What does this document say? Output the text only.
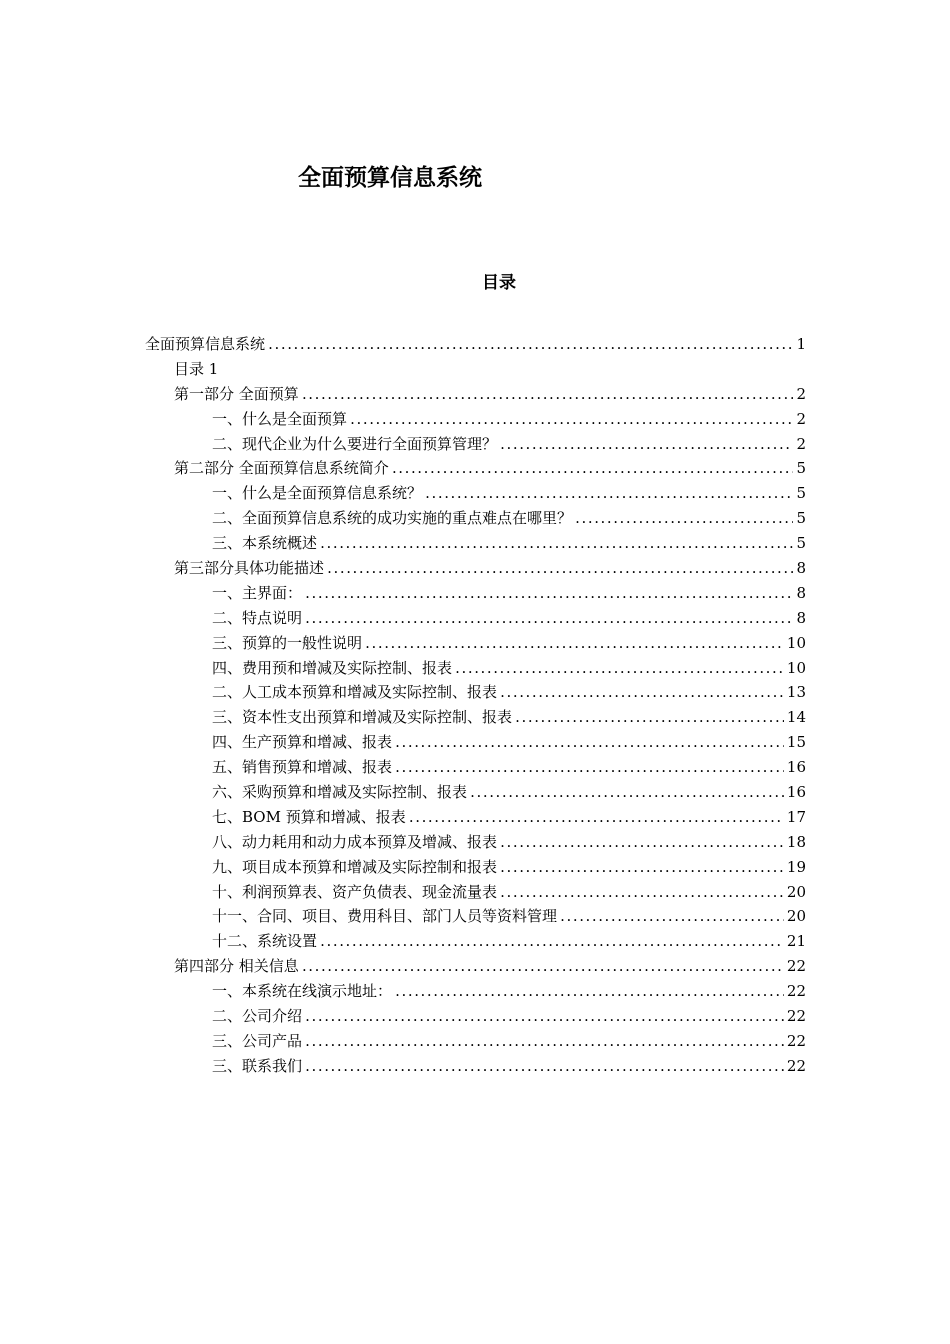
全面预算信息系统
目录
全面预算信息系统 . . .	1
目录 1
第一部分 全面预算 . . .	2
一、什么是全面预算 . . .	2
二、现代企业为什么要进行全面预算管理？ . . .	2
第二部分 全面预算信息系统简介 . . .	5
一、什么是全面预算信息系统？ . . .	5
二、全面预算信息系统的成功实施的重点难点在哪里？ . . .	5
三、本系统概述 . . .	5
第三部分具体功能描述 . . .	8
一、主界面： . . .	8
二、特点说明 . . .	8
三、预算的一般性说明 . . .	10
四、费用预和增减及实际控制、报表 . . .	10
二、人工成本预算和增减及实际控制、报表 . . .	13
三、资本性支出预算和增减及实际控制、报表 . . .	14
四、生产预算和增减、报表 . . .	15
五、销售预算和增减、报表 . . .	16
六、采购预算和增减及实际控制、报表 . . .	16
七、BOM 预算和增减、报表 . . .	17
八、动力耗用和动力成本预算及增减、报表 . . .	18
九、项目成本预算和增减及实际控制和报表 . . .	19
十、利润预算表、资产负债表、现金流量表 . . .	20
十一、合同、项目、费用科目、部门人员等资料管理 . . .	20
十二、系统设置 . . .	21
第四部分 相关信息 . . .	22
一、本系统在线演示地址： . . .	22
二、公司介绍 . . .	22
三、公司产品 . . .	22
三、联系我们 . . .	22
